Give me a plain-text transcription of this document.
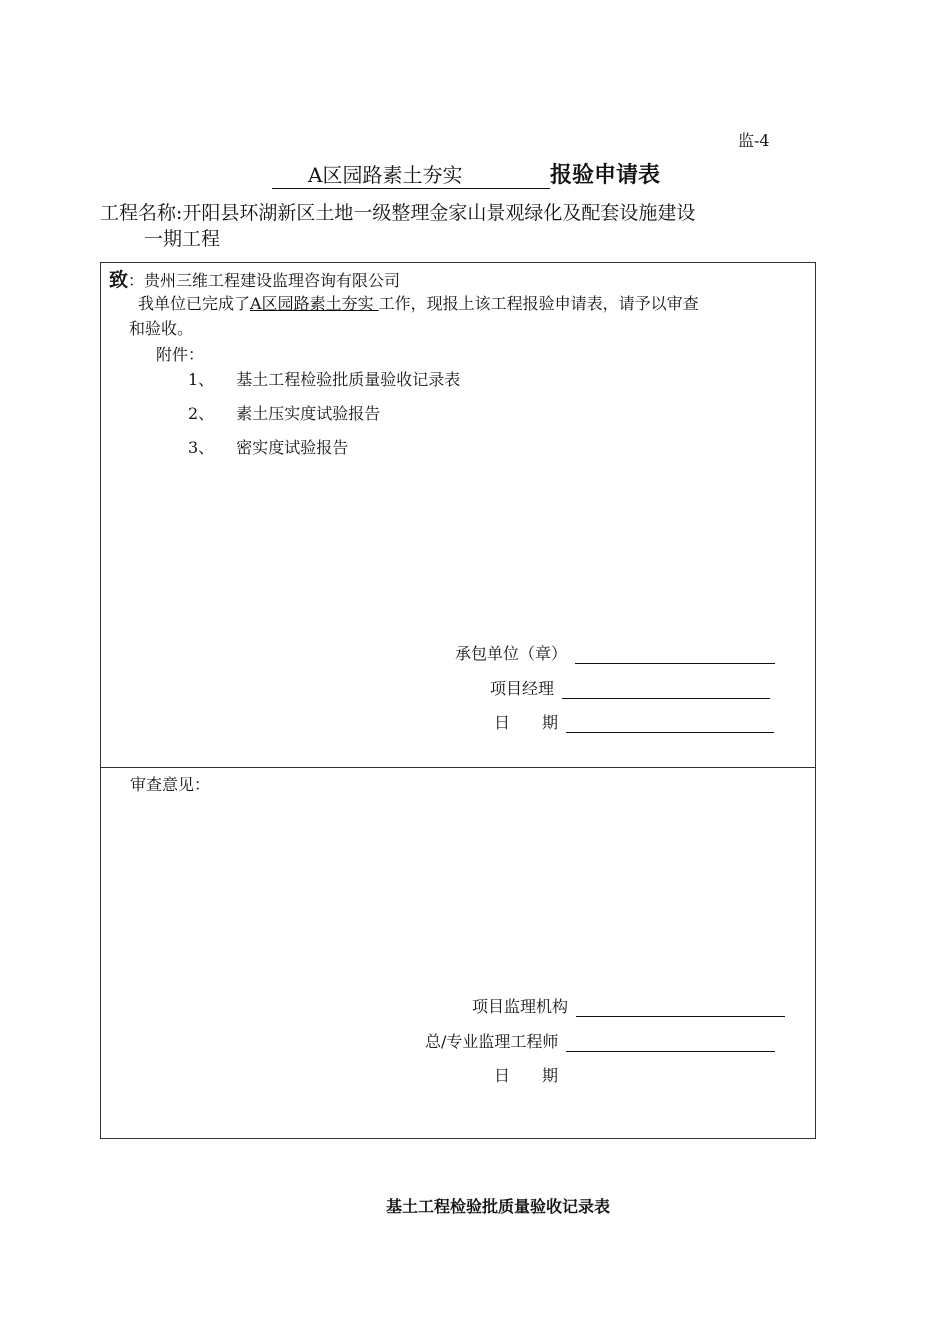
监-4
A区园路素土夯实	报验申请表
工程名称:开阳县环湖新区土地一级整理金家山景观绿化及配套设施建设
一期工程
致：贵州三维工程建设监理咨询有限公司
我单位已完成了A区园路素土夯实 工作，现报上该工程报验申请表，请予以审查
和验收。
附件：
1、 基土工程检验批质量验收记录表
2、 素土压实度试验报告
3、 密实度试验报告
承包单位（章）
项目经理
日　　期
审查意见：
项目监理机构
总/专业监理工程师
日　　期
基土工程检验批质量验收记录表
